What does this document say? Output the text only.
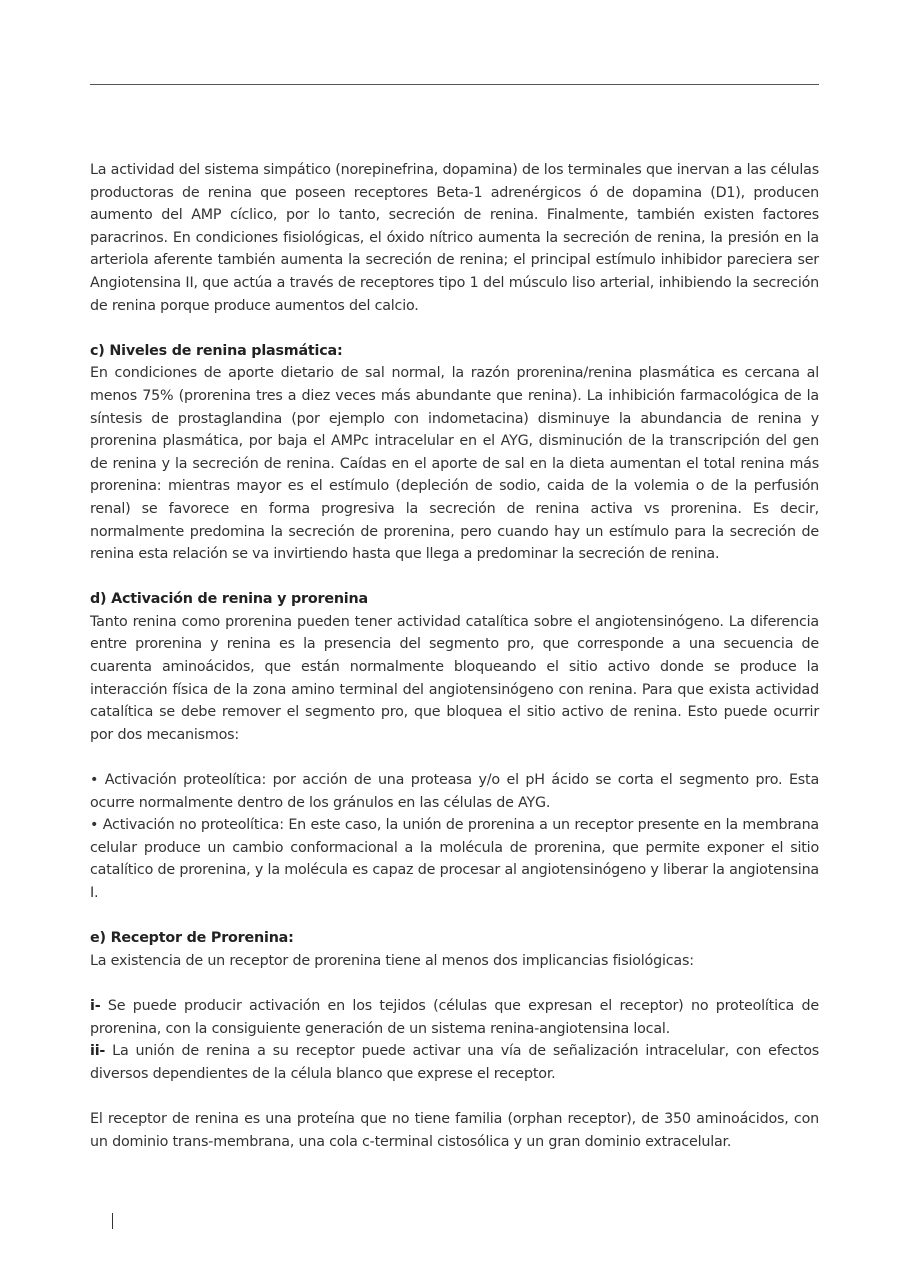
La actividad del sistema simpático (norepinefrina, dopamina) de los terminales que inervan a las células productoras de renina que poseen receptores Beta-1 adrenérgicos ó de dopamina (D1), producen aumento del AMP cíclico, por lo tanto, secreción de renina. Finalmente, también existen factores paracrinos. En condiciones fisiológicas, el óxido nítrico aumenta la secreción de renina, la presión en la arteriola aferente también aumenta la secreción de renina; el principal estímulo inhibidor pareciera ser Angiotensina II, que actúa a través de receptores tipo 1 del músculo liso arterial, inhibiendo la secreción de renina porque produce aumentos del calcio.

c) Niveles de renina plasmática:

En condiciones de aporte dietario de sal normal, la razón prorenina/renina plasmática es cercana al menos 75% (prorenina tres a diez veces más abundante que renina). La inhibición farmacológica de la síntesis de prostaglandina (por ejemplo con indometacina) disminuye la abundancia de renina y prorenina plasmática, por baja el AMPc intracelular en el AYG, disminución de la transcripción del gen de renina y la secreción de renina. Caídas en el aporte de sal en la dieta aumentan el total renina más prorenina: mientras mayor es el estímulo (depleción de sodio, caida de la volemia o de la perfusión renal) se favorece en forma progresiva la secreción de renina activa vs prorenina. Es decir, normalmente predomina la secreción de prorenina, pero cuando hay un estímulo para la secreción de renina esta relación se va invirtiendo hasta que llega a predominar la secreción de renina.

d) Activación de renina y prorenina

Tanto renina como prorenina pueden tener actividad catalítica sobre el angiotensinógeno. La diferencia entre prorenina y renina es la presencia del segmento pro, que corresponde a una secuencia de cuarenta aminoácidos, que están normalmente bloqueando el sitio activo donde se produce la interacción física de la zona amino terminal del angiotensinógeno con renina. Para que exista actividad catalítica se debe remover el segmento pro, que bloquea el sitio activo de renina. Esto puede ocurrir por dos mecanismos:

• Activación proteolítica: por acción de una proteasa y/o el pH ácido se corta el segmento pro. Esta ocurre normalmente dentro de los gránulos en las células de AYG.

• Activación no proteolítica: En este caso, la unión de prorenina a un receptor presente en la membrana celular produce un cambio conformacional a la molécula de prorenina, que permite exponer el sitio catalítico de prorenina, y la molécula es capaz de procesar al angiotensinógeno y liberar la angiotensina I.

e) Receptor de Prorenina:

La existencia de un receptor de prorenina tiene al menos dos implicancias fisiológicas:

i- Se puede producir activación en los tejidos (células que expresan el receptor) no proteolítica de prorenina, con la consiguiente generación de un sistema renina-angiotensina local.

ii- La unión de renina a su receptor puede activar una vía de señalización intracelular, con efectos diversos dependientes de la célula blanco que exprese el receptor.

El receptor de renina es una proteína que no tiene familia (orphan receptor), de 350 aminoácidos, con un dominio trans-membrana, una cola c-terminal cistosólica y un gran dominio extracelular.
